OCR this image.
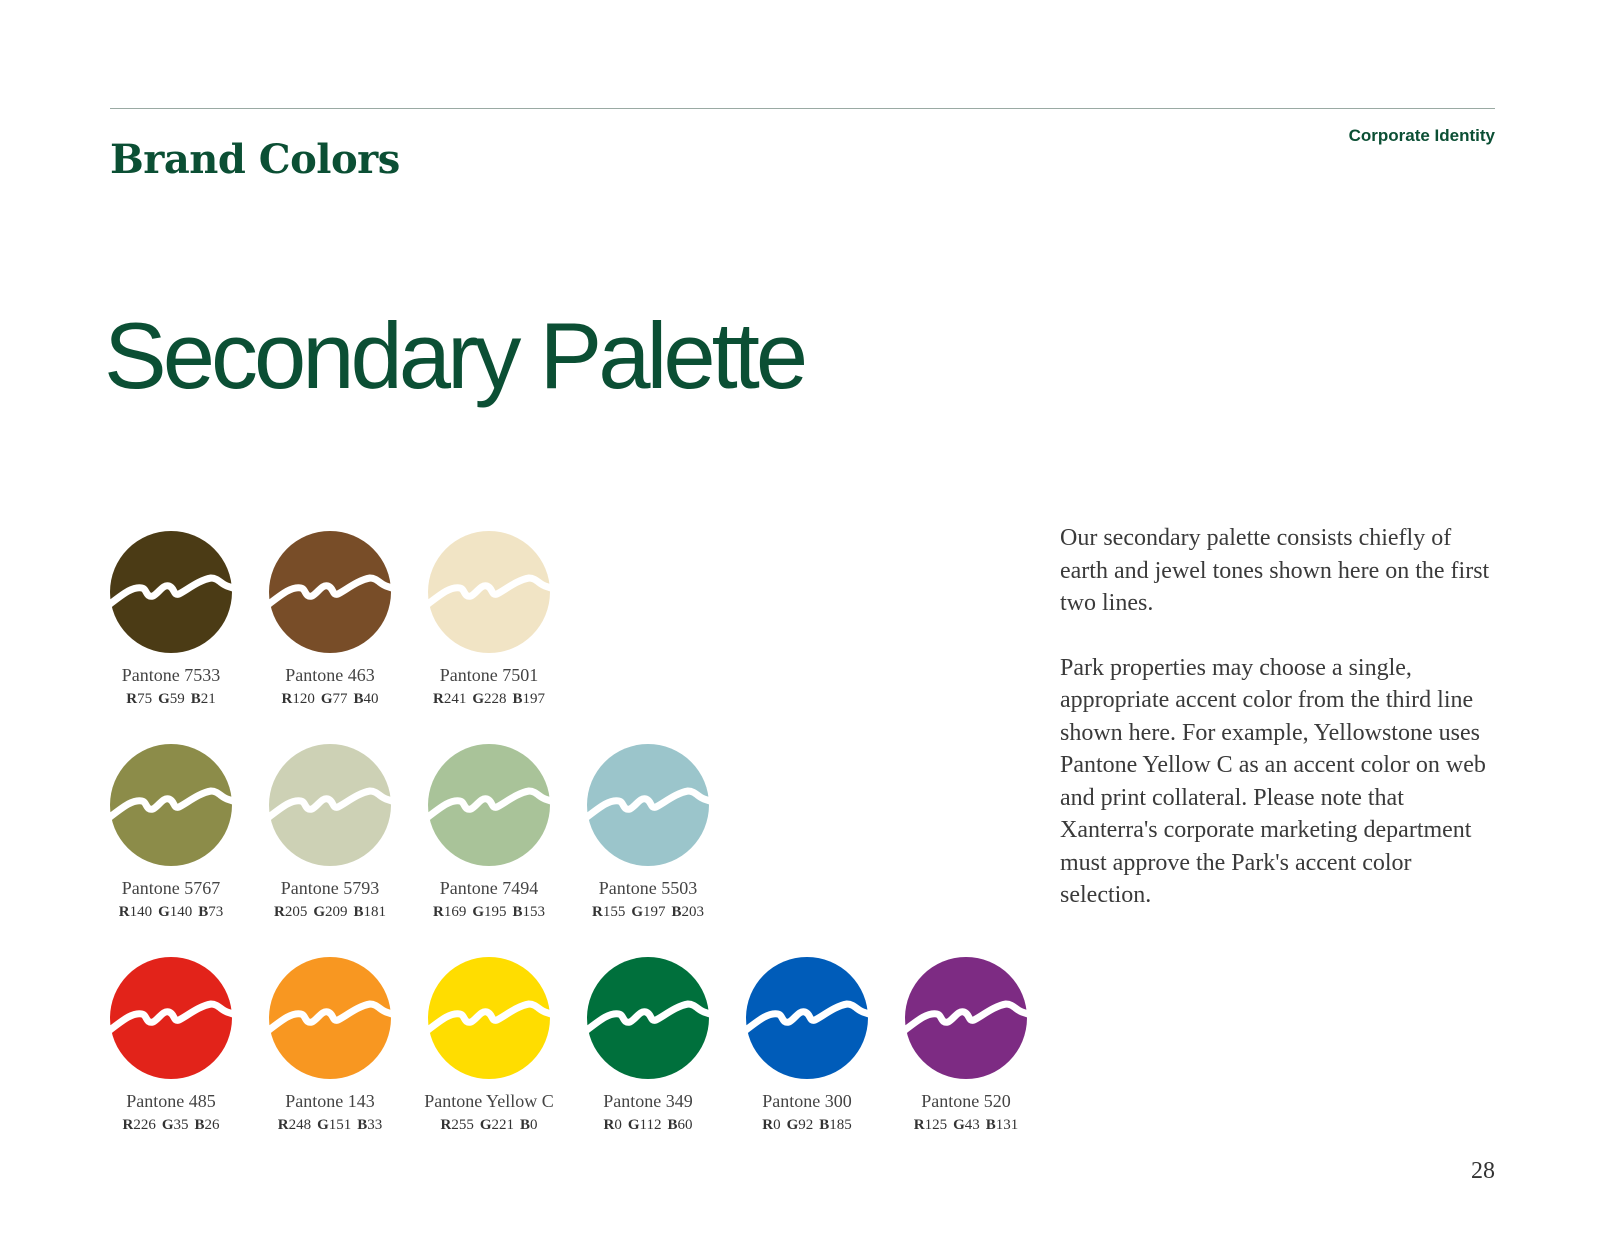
Brand Colors
Corporate Identity
Secondary Palette
Pantone 7533
R75 G59 B21
Pantone 463
R120 G77 B40
Pantone 7501
R241 G228 B197
Pantone 5767
R140 G140 B73
Pantone 5793
R205 G209 B181
Pantone 7494
R169 G195 B153
Pantone 5503
R155 G197 B203
Pantone 485
R226 G35 B26
Pantone 143
R248 G151 B33
Pantone Yellow C
R255 G221 B0
Pantone 349
R0 G112 B60
Pantone 300
R0 G92 B185
Pantone 520
R125 G43 B131

Our secondary palette consists chiefly of earth and jewel tones shown here on the first two lines.

Park properties may choose a single, appropriate accent color from the third line shown here. For example, Yellowstone uses Pantone Yellow C as an accent color on web and print collateral. Please note that Xanterra's corporate marketing department must approve the Park's accent color selection.

28
